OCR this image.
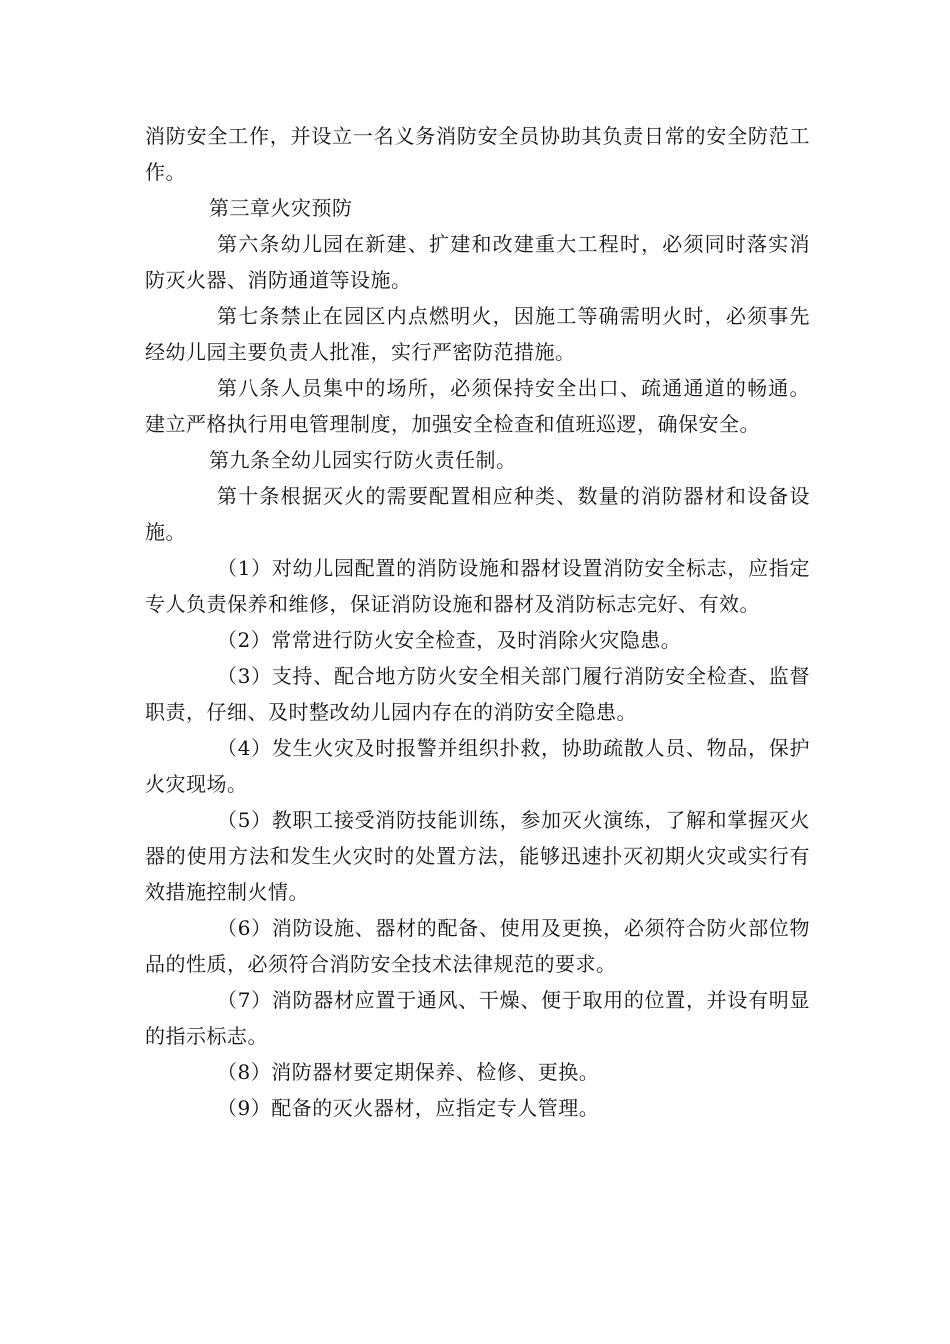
消防安全工作，并设立一名义务消防安全员协助其负责日常的安全防范工作。

第三章火灾预防

第六条幼儿园在新建、扩建和改建重大工程时，必须同时落实消防灭火器、消防通道等设施。

第七条禁止在园区内点燃明火，因施工等确需明火时，必须事先经幼儿园主要负责人批准，实行严密防范措施。

第八条人员集中的场所，必须保持安全出口、疏通通道的畅通。建立严格执行用电管理制度，加强安全检查和值班巡逻，确保安全。

第九条全幼儿园实行防火责任制。

第十条根据灭火的需要配置相应种类、数量的消防器材和设备设施。

（1）对幼儿园配置的消防设施和器材设置消防安全标志，应指定专人负责保养和维修，保证消防设施和器材及消防标志完好、有效。

（2）常常进行防火安全检查，及时消除火灾隐患。

（3）支持、配合地方防火安全相关部门履行消防安全检查、监督职责，仔细、及时整改幼儿园内存在的消防安全隐患。

（4）发生火灾及时报警并组织扑救，协助疏散人员、物品，保护火灾现场。

（5）教职工接受消防技能训练，参加灭火演练，了解和掌握灭火器的使用方法和发生火灾时的处置方法，能够迅速扑灭初期火灾或实行有效措施控制火情。

（6）消防设施、器材的配备、使用及更换，必须符合防火部位物品的性质，必须符合消防安全技术法律规范的要求。

（7）消防器材应置于通风、干燥、便于取用的位置，并设有明显的指示标志。

（8）消防器材要定期保养、检修、更换。

（9）配备的灭火器材，应指定专人管理。
